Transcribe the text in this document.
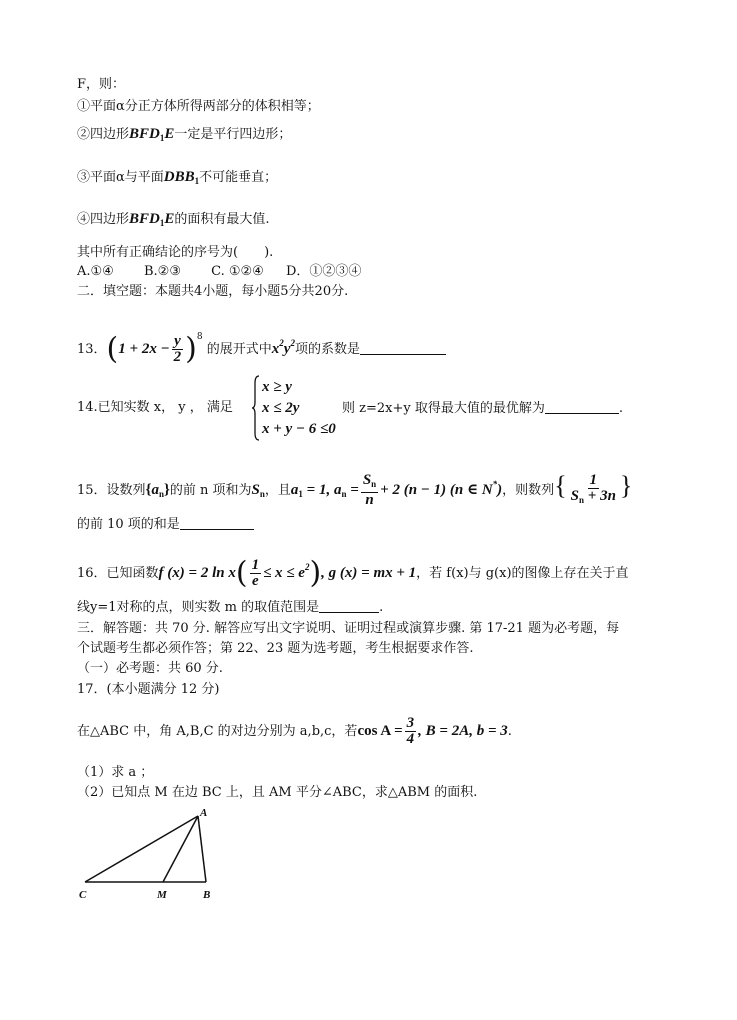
F，则：
①平面α分正方体所得两部分的体积相等；
②四边形$BFD_1E$一定是平行四边形；
③平面α与平面$DBB_1$不可能垂直；
④四边形$BFD_1E$的面积有最大值.
其中所有正确结论的序号为(　　).
A.①④ B.②③ C. ①②④ D．①②③④
二．填空题：本题共4小题，每小题5分共20分.
13．$(1 + 2x - \frac{y}{2} )^8$ 的展开式中$x^2y^2$项的系数是
14.已知实数 x， y ， 满足
x ≥ y
x ≤ 2y
x + y − 6 ≤0
则 z=2x+y 取得最大值的最优解为	.
15．设数列$\{a_n\}$的前 n 项和为$S_n$，且$a_1 = 1$, $a_n = \frac{S_n}{n} + 2$ (n − 1) (n ∈ N*)，则数列{ $\frac{1}{S_n + 3n}$ }
的前 10 项的和是
16．已知函数f (x) = 2 $\ln x( \frac{1}{e} \le x \le e^2)$, g (x) = mx + 1，若 f(x)与 g(x)的图像上存在关于直
线y=1对称的点，则实数 m 的取值范围是	.
三．解答题：共 70 分. 解答应写出文字说明、证明过程或演算步骤. 第 17-21 题为必考题，每
个试题考生都必须作答；第 22、23 题为选考题，考生根据要求作答.
（一）必考题：共 60 分.
17．(本小题满分 12 分)
在△ABC 中，角 A,B,C 的对边分别为 a,b,c，若$\cos A = \frac{3}{4}$ , B = 2A, b = 3.
（1）求 a ；
（2）已知点 M 在边 BC 上，且 AM 平分∠ABC，求△ABM 的面积.
A
B
C	M
